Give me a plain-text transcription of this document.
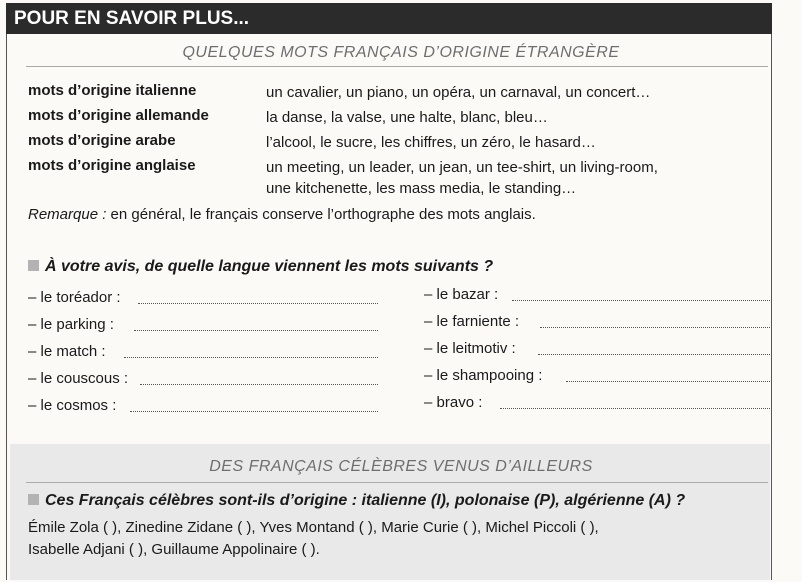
POUR EN SAVOIR PLUS...
QUELQUES MOTS FRANÇAIS D’ORIGINE ÉTRANGÈRE
mots d’origine italienne	un cavalier, un piano, un opéra, un carnaval, un concert…
mots d’origine allemande	la danse, la valse, une halte, blanc, bleu…
mots d’origine arabe	l’alcool, le sucre, les chiffres, un zéro, le hasard…
mots d’origine anglaise	un meeting, un leader, un jean, un tee-shirt, un living-room,
une kitchenette, les mass media, le standing…
Remarque : en général, le français conserve l’orthographe des mots anglais.
À votre avis, de quelle langue viennent les mots suivants ?
– le toréador :
– le parking :
– le match :
– le couscous :
– le cosmos :
– le bazar :
– le farniente :
– le leitmotiv :
– le shampooing :
– bravo :
DES FRANÇAIS CÉLÈBRES VENUS D’AILLEURS
Ces Français célèbres sont-ils d’origine : italienne (I), polonaise (P), algérienne (A) ?
Émile Zola ( ), Zinedine Zidane ( ), Yves Montand ( ), Marie Curie ( ), Michel Piccoli ( ),
Isabelle Adjani ( ), Guillaume Appolinaire ( ).
